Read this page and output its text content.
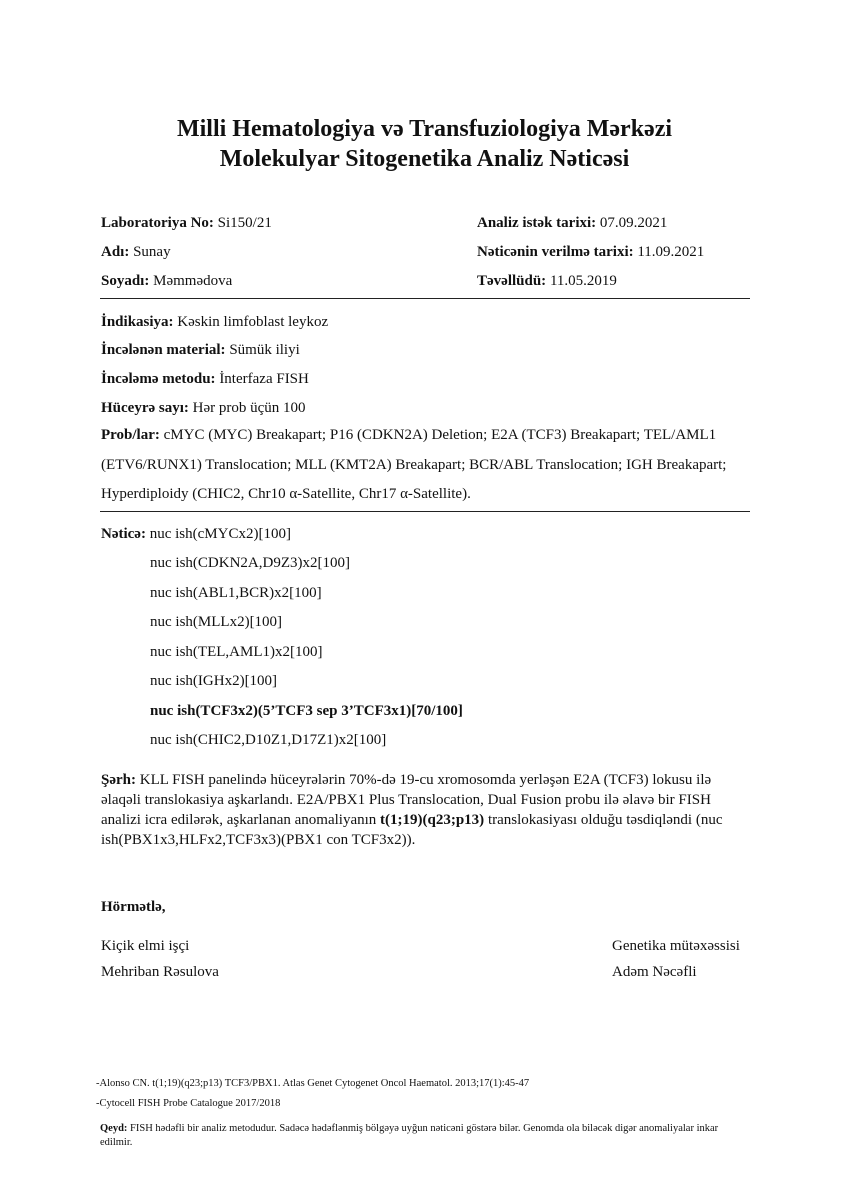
Milli Hematologiya və Transfuziologiya Mərkəzi
Molekulyar Sitogenetika Analiz Nəticəsi
Laboratoriya No: Si150/21
Adı: Sunay
Soyadı: Məmmədova
Analiz istək tarixi: 07.09.2021
Nəticənin verilmə tarixi: 11.09.2021
Təvəllüdü: 11.05.2019
İndikasiya: Kəskin limfoblast leykoz
İncələnən material: Sümük iliyi
İncələmə metodu: İnterfaza FISH
Hüceyrə sayı: Hər prob üçün 100
Prob/lar: cMYC (MYC) Breakapart; P16 (CDKN2A) Deletion; E2A (TCF3) Breakapart; TEL/AML1 (ETV6/RUNX1) Translocation; MLL (KMT2A) Breakapart; BCR/ABL Translocation; IGH Breakapart; Hyperdiploidy (CHIC2, Chr10 α-Satellite, Chr17 α-Satellite).
Nəticə: nuc ish(cMYCx2)[100]
nuc ish(CDKN2A,D9Z3)x2[100]
nuc ish(ABL1,BCR)x2[100]
nuc ish(MLLx2)[100]
nuc ish(TEL,AML1)x2[100]
nuc ish(IGHx2)[100]
nuc ish(TCF3x2)(5’TCF3 sep 3’TCF3x1)[70/100]
nuc ish(CHIC2,D10Z1,D17Z1)x2[100]
Şərh: KLL FISH panelində hüceyrələrin 70%-də 19-cu xromosomda yerləşən E2A (TCF3) lokusu ilə əlaqəli translokasiya aşkarlandı. E2A/PBX1 Plus Translocation, Dual Fusion probu ilə əlavə bir FISH analizi icra edilərək, aşkarlanan anomaliyanın t(1;19)(q23;p13) translokasiyası olduğu təsdiqləndi (nuc ish(PBX1x3,HLFx2,TCF3x3)(PBX1 con TCF3x2)).
Hörmətlə,
Kiçik elmi işçi
Mehriban Rəsulova
Genetika mütəxəssisi
Adəm Nəcəfli
-Alonso CN. t(1;19)(q23;p13) TCF3/PBX1. Atlas Genet Cytogenet Oncol Haematol. 2013;17(1):45-47
-Cytocell FISH Probe Catalogue 2017/2018
Qeyd: FISH hədəfli bir analiz metodudur. Sadəcə hədəflənmiş bölgəyə uyğun nəticəni göstərə bilər. Genomda ola biləcək digər anomaliyalar inkar edilmir.
